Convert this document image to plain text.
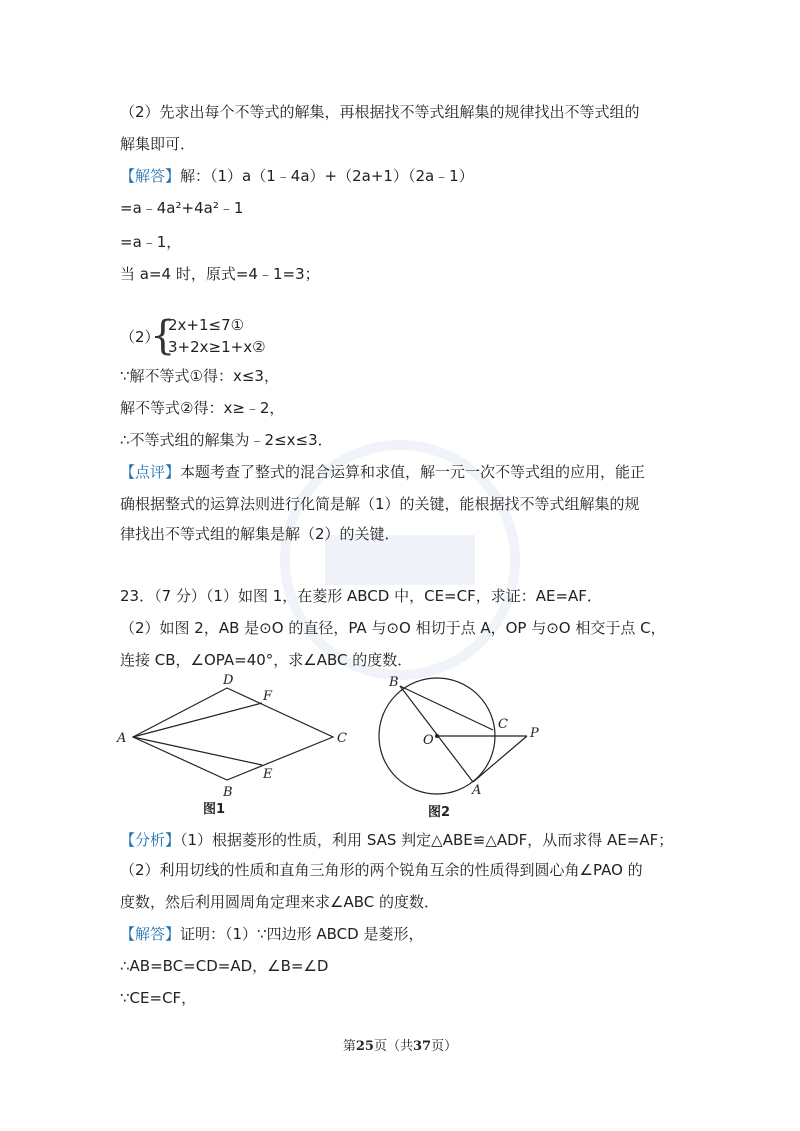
（2）先求出每个不等式的解集，再根据找不等式组解集的规律找出不等式组的
解集即可．
【解答】解：（1）a（1﹣4a）+（2a+1）（2a﹣1）
=a﹣4a²+4a²﹣1
=a﹣1，
当 a=4 时，原式=4﹣1=3；
（2）
{
2x+1≤7①
3+2x≥1+x②
∵解不等式①得：x≤3，
解不等式②得：x≥﹣2，
∴不等式组的解集为﹣2≤x≤3．
【点评】本题考查了整式的混合运算和求值，解一元一次不等式组的应用，能正
确根据整式的运算法则进行化简是解（1）的关键，能根据找不等式组解集的规
律找出不等式组的解集是解（2）的关键．
23．（7 分）（1）如图 1，在菱形 ABCD 中，CE=CF，求证：AE=AF．
（2）如图 2，AB 是⊙O 的直径，PA 与⊙O 相切于点 A，OP 与⊙O 相交于点 C，
连接 CB，∠OPA=40°，求∠ABC 的度数．
A
D
F
C
E
B
图1
B
O
C
P
A
图2
【分析】（1）根据菱形的性质，利用 SAS 判定△ABE≌△ADF，从而求得 AE=AF；
（2）利用切线的性质和直角三角形的两个锐角互余的性质得到圆心角∠PAO 的
度数，然后利用圆周角定理来求∠ABC 的度数．
【解答】证明：（1）∵四边形 ABCD 是菱形，
∴AB=BC=CD=AD，∠B=∠D
∵CE=CF，
第25页（共37页）
